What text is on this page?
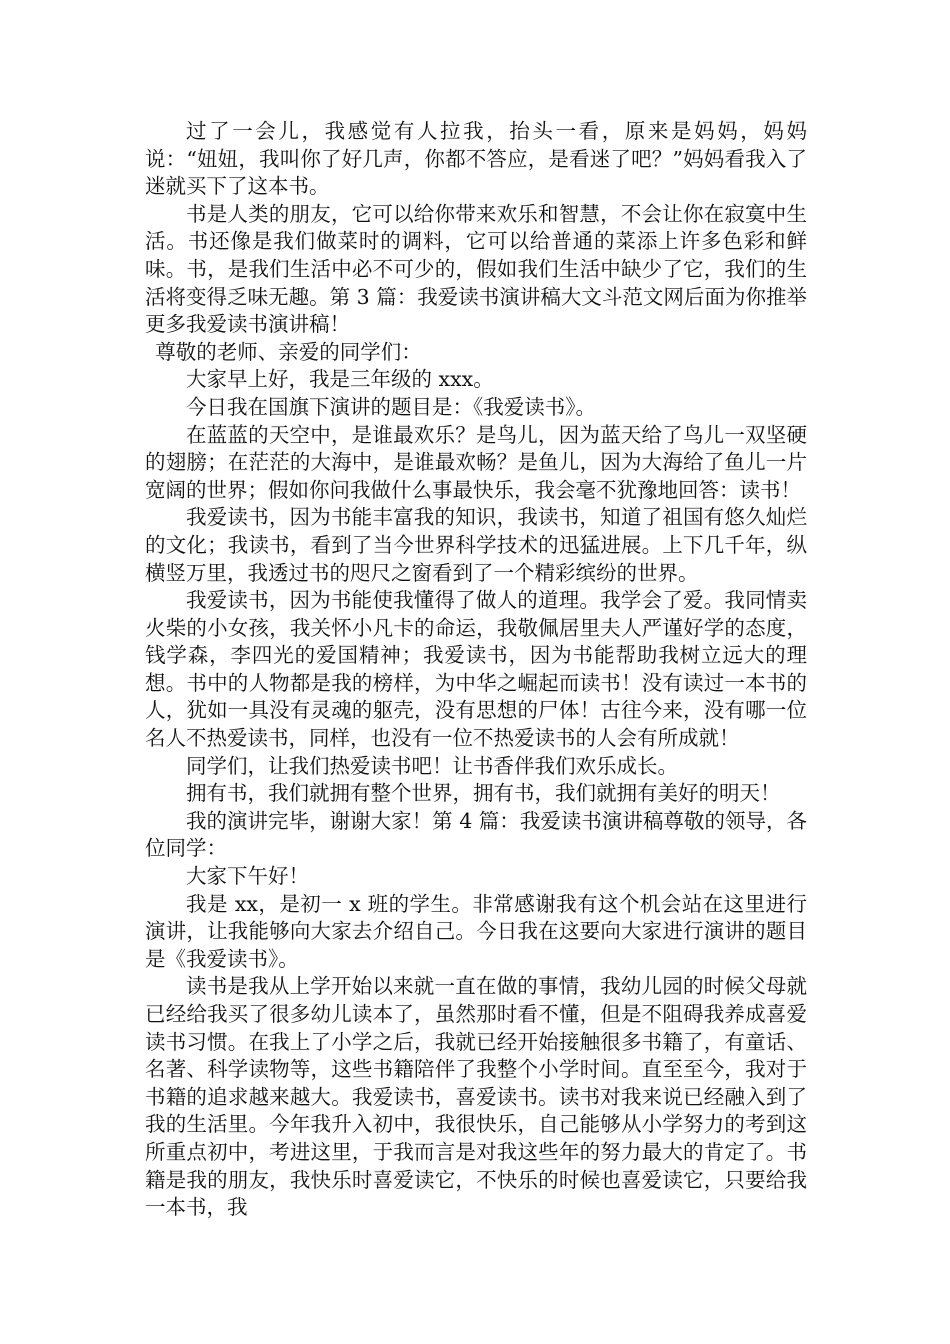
过了一会儿，我感觉有人拉我，抬头一看，原来是妈妈，妈妈说：“妞妞，我叫你了好几声，你都不答应，是看迷了吧？”妈妈看我入了迷就买下了这本书。

书是人类的朋友，它可以给你带来欢乐和智慧，不会让你在寂寞中生活。书还像是我们做菜时的调料，它可以给普通的菜添上许多色彩和鲜味。书，是我们生活中必不可少的，假如我们生活中缺少了它，我们的生活将变得乏味无趣。第 3 篇：我爱读书演讲稿大文斗范文网后面为你推举更多我爱读书演讲稿！

尊敬的老师、亲爱的同学们：

大家早上好，我是三年级的 xxx。

今日我在国旗下演讲的题目是：《我爱读书》。

在蓝蓝的天空中，是谁最欢乐？是鸟儿，因为蓝天给了鸟儿一双坚硬的翅膀；在茫茫的大海中，是谁最欢畅？是鱼儿，因为大海给了鱼儿一片宽阔的世界；假如你问我做什么事最快乐，我会毫不犹豫地回答：读书！

我爱读书，因为书能丰富我的知识，我读书，知道了祖国有悠久灿烂的文化；我读书，看到了当今世界科学技术的迅猛进展。上下几千年，纵横竖万里，我透过书的咫尺之窗看到了一个精彩缤纷的世界。

我爱读书，因为书能使我懂得了做人的道理。我学会了爱。我同情卖火柴的小女孩，我关怀小凡卡的命运，我敬佩居里夫人严谨好学的态度，钱学森，李四光的爱国精神；我爱读书，因为书能帮助我树立远大的理想。书中的人物都是我的榜样，为中华之崛起而读书！没有读过一本书的人，犹如一具没有灵魂的躯壳，没有思想的尸体！古往今来，没有哪一位名人不热爱读书，同样，也没有一位不热爱读书的人会有所成就！

同学们，让我们热爱读书吧！让书香伴我们欢乐成长。

拥有书，我们就拥有整个世界，拥有书，我们就拥有美好的明天！

我的演讲完毕，谢谢大家！第 4 篇：我爱读书演讲稿尊敬的领导，各位同学：

大家下午好！

我是 xx，是初一 x 班的学生。非常感谢我有这个机会站在这里进行演讲，让我能够向大家去介绍自己。今日我在这要向大家进行演讲的题目是《我爱读书》。

读书是我从上学开始以来就一直在做的事情，我幼儿园的时候父母就已经给我买了很多幼儿读本了，虽然那时看不懂，但是不阻碍我养成喜爱读书习惯。在我上了小学之后，我就已经开始接触很多书籍了，有童话、名著、科学读物等，这些书籍陪伴了我整个小学时间。直至至今，我对于书籍的追求越来越大。我爱读书，喜爱读书。读书对我来说已经融入到了我的生活里。今年我升入初中，我很快乐，自己能够从小学努力的考到这所重点初中，考进这里，于我而言是对我这些年的努力最大的肯定了。书籍是我的朋友，我快乐时喜爱读它，不快乐的时候也喜爱读它，只要给我一本书，我
